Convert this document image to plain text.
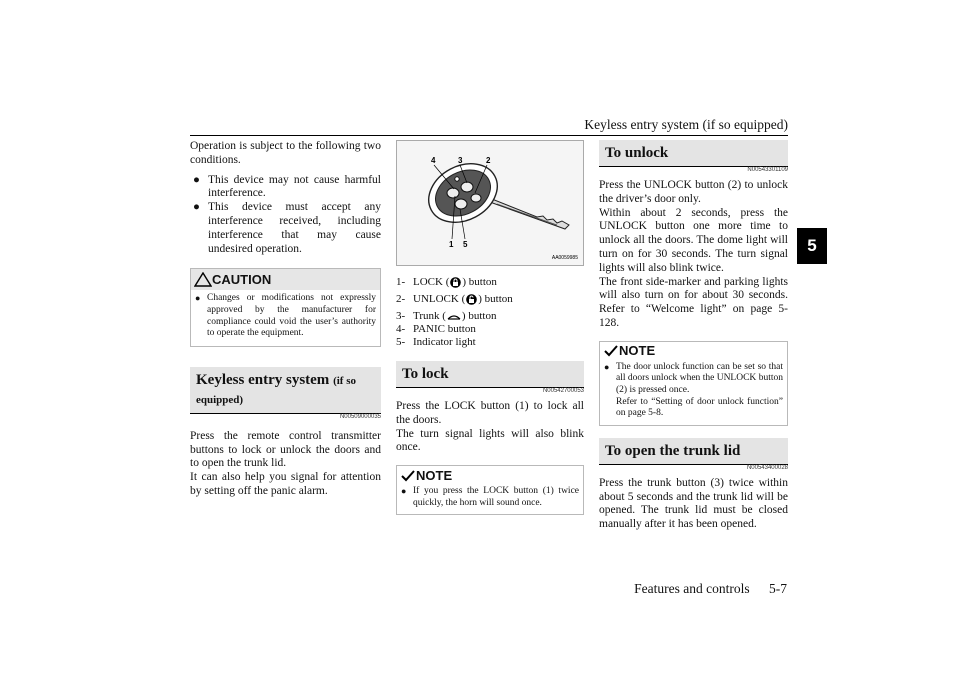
Keyless entry system (if so equipped)
5
Operation is subject to the following two conditions.
● This device may not cause harmful interference.
● This device must accept any interference received, including interference that may cause undesired operation.
CAUTION
● Changes or modifications not expressly approved by the manufacturer for compliance could void the user’s authority to operate the equipment.
Keyless entry system (if so equipped)
N00509000035
Press the remote control transmitter buttons to lock or unlock the doors and to open the trunk lid.
It can also help you signal for attention by setting off the panic alarm.
4	3	2
1 5
AA0059985
1- LOCK ( ) button
2- UNLOCK ( ) button
3- Trunk ( ) button
4- PANIC button
5- Indicator light
To lock
N00542700053
Press the LOCK button (1) to lock all the doors.
The turn signal lights will also blink once.
NOTE
● If you press the LOCK button (1) twice quickly, the horn will sound once.
To unlock
N00543301109
Press the UNLOCK button (2) to unlock the driver’s door only.
Within about 2 seconds, press the UNLOCK button one more time to unlock all the doors. The dome light will turn on for 30 seconds. The turn signal lights will also blink twice.
The front side-marker and parking lights will also turn on for about 30 seconds. Refer to “Welcome light” on page 5-128.
NOTE
● The door unlock function can be set so that all doors unlock when the UNLOCK button (2) is pressed once.
Refer to “Setting of door unlock function” on page 5-8.
To open the trunk lid
N00543400028
Press the trunk button (3) twice within about 5 seconds and the trunk lid will be opened. The trunk lid must be closed manually after it has been opened.
Features and controls 5-7
